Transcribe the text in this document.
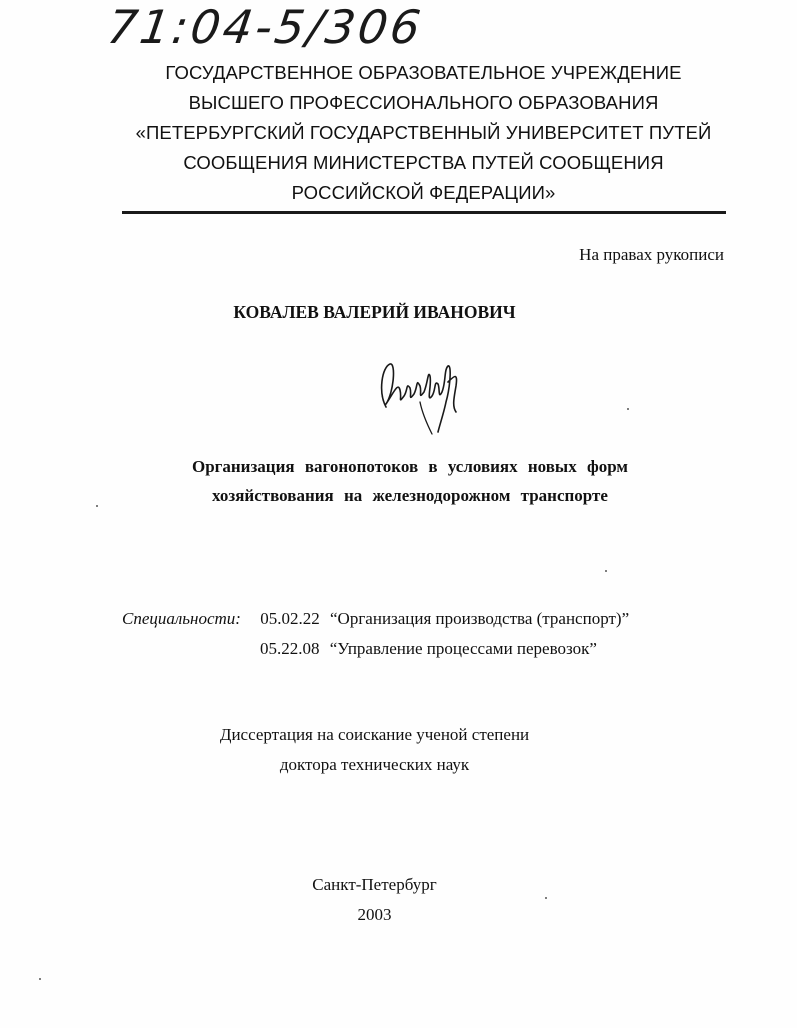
71:04-5/306
ГОСУДАРСТВЕННОЕ ОБРАЗОВАТЕЛЬНОЕ УЧРЕЖДЕНИЕ
ВЫСШЕГО ПРОФЕССИОНАЛЬНОГО ОБРАЗОВАНИЯ
«ПЕТЕРБУРГСКИЙ ГОСУДАРСТВЕННЫЙ УНИВЕРСИТЕТ ПУТЕЙ
СООБЩЕНИЯ МИНИСТЕРСТВА ПУТЕЙ СООБЩЕНИЯ
РОССИЙСКОЙ ФЕДЕРАЦИИ»
На правах рукописи
КОВАЛЕВ ВАЛЕРИЙ ИВАНОВИЧ
Организация вагонопотоков в условиях новых форм
хозяйствования на железнодорожном транспорте
Специальности: 05.02.22 “Организация производства (транспорт)”
05.22.08 “Управление процессами перевозок”
Диссертация на соискание ученой степени
доктора технических наук
Санкт-Петербург
2003
